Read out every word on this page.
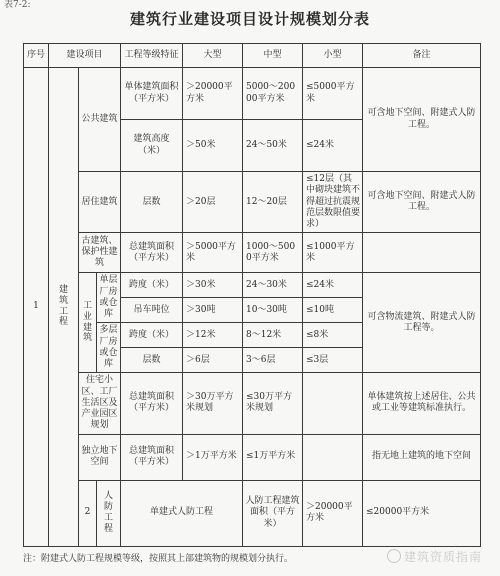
表7-2:
建筑行业建设项目设计规模划分表
序号	建设项目			工程等级特征	大型	中型	小型	备注	
1	建筑工程	公共建筑		单体建筑面积（平方米）	＞20000平方米	5000～20000平方米	≤5000平方米	可含地下空间、附建式人防工程。	
				建筑高度（米）	＞50米	24～50米	≤24米		
		居住建筑		层数	＞20层	12～20层	≤12层（其中砌块建筑不得超过抗震规范层数限值要求）	可含地下空间、附建式人防工程。	
		古建筑、保护性建筑		总建筑面积（平方米）	＞5000平方米	1000～5000平方米	≤1000平方米		
		工业建筑	单层厂房或仓库	跨度（米）	＞30米	24～30米	≤24米	可含物流建筑、附建式人防工程等。	
				吊车吨位	＞30吨	10～30吨	≤10吨		
			多层厂房或仓库	跨度（米）	＞12米	8～12米	≤8米		
				层数	＞6层	3～6层	≤3层		
		住宅小区、工厂生活区及产业园区规划		总建筑面积（平方米）	＞30万平方米规划	≤30万平方米规划		单体建筑按上述居住、公共或工业等建筑标准执行。	
		独立地下空间		总建筑面积（平方米）	＞1万平方米	≤1万平方米		指无地上建筑的地下空间	
		2	人防工程	单建式人防工程		人防工程建筑面积（平方米）	＞20000平方米	≤20000平方米		
注：附建式人防工程规模等级，按照其上部建筑物的规模划分执行。	建筑资质指南
